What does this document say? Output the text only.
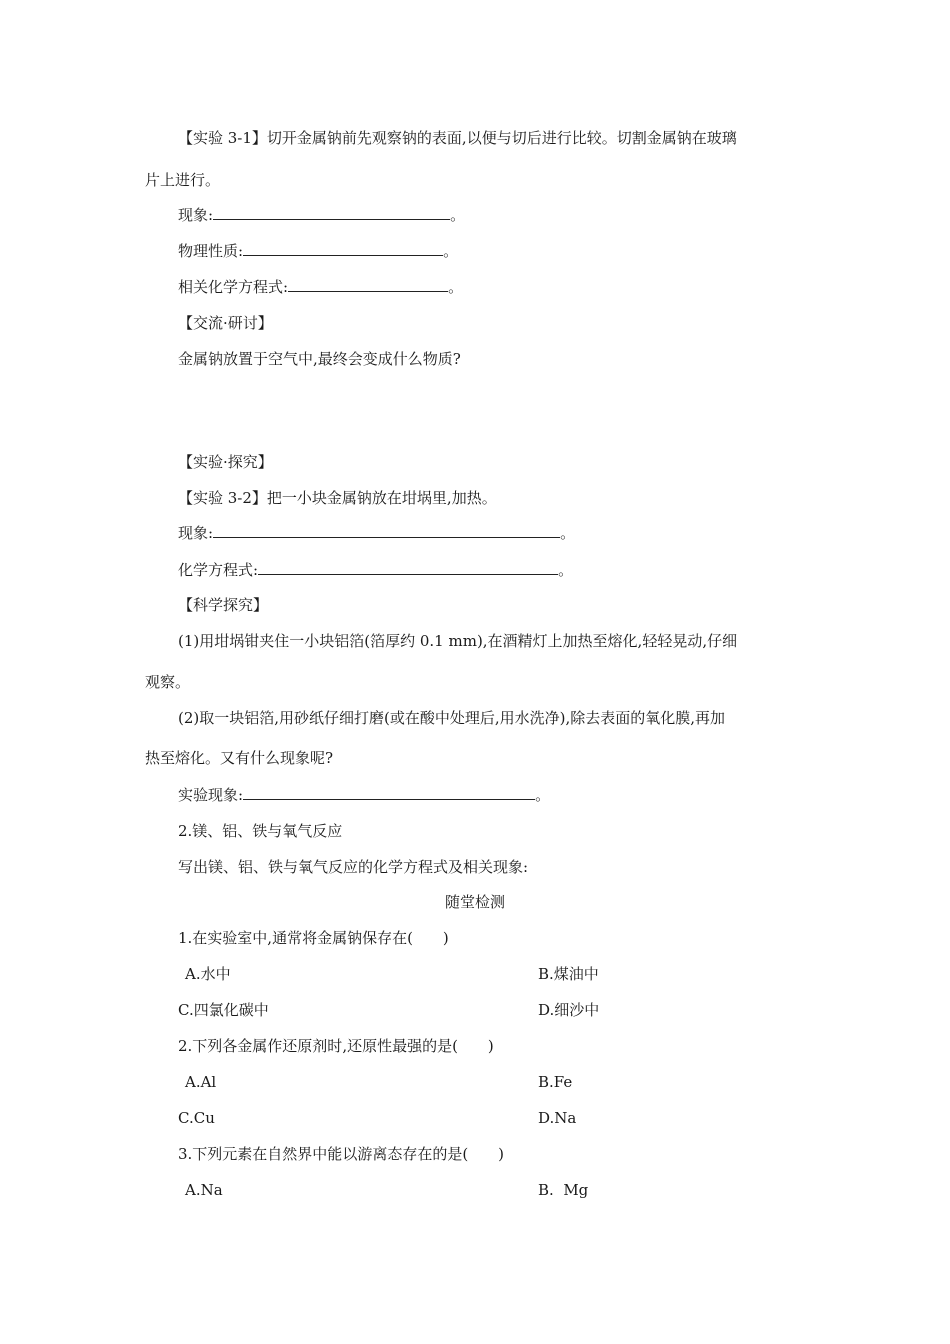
【实验 3-1】切开金属钠前先观察钠的表面,以便与切后进行比较。切割金属钠在玻璃
片上进行。
现象:	。
物理性质:	。
相关化学方程式:	。
【交流·研讨】
金属钠放置于空气中,最终会变成什么物质?
【实验·探究】
【实验 3-2】把一小块金属钠放在坩埚里,加热。
现象:	。
化学方程式:	。
【科学探究】
(1)用坩埚钳夹住一小块铝箔(箔厚约 0.1 mm),在酒精灯上加热至熔化,轻轻晃动,仔细
观察。
(2)取一块铝箔,用砂纸仔细打磨(或在酸中处理后,用水洗净),除去表面的氧化膜,再加
热至熔化。又有什么现象呢?
实验现象:	。
2.镁、铝、铁与氧气反应
写出镁、铝、铁与氧气反应的化学方程式及相关现象:
随堂检测
1.在实验室中,通常将金属钠保存在(　　)
A.水中	B.煤油中
C.四氯化碳中	D.细沙中
2.下列各金属作还原剂时,还原性最强的是(　　)
A.Al	B.Fe
C.Cu	D.Na
3.下列元素在自然界中能以游离态存在的是(　　)
A.Na	B.  Mg
